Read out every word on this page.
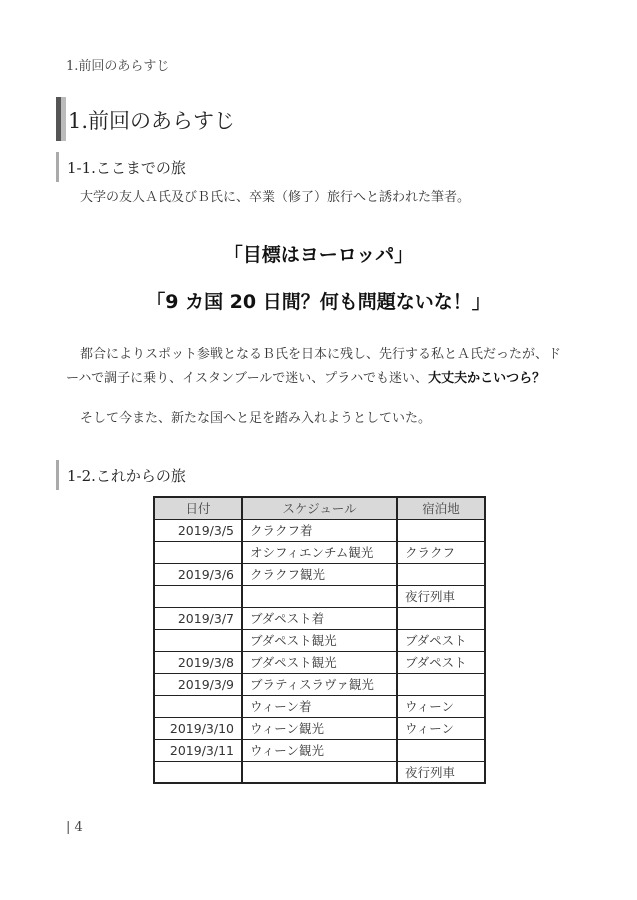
1.前回のあらすじ
1.前回のあらすじ
1-1.ここまでの旅
大学の友人Ａ氏及びＢ氏に、卒業（修了）旅行へと誘われた筆者。
「目標はヨーロッパ」
「9 カ国 20 日間？何も問題ないな！」
都合によりスポット参戦となるＢ氏を日本に残し、先行する私とＡ氏だったが、ドーハで調子に乗り、イスタンブールで迷い、プラハでも迷い、大丈夫かこいつら？
そして今また、新たな国へと足を踏み入れようとしていた。
1-2.これからの旅
日付	スケジュール	宿泊地
2019/3/5	クラクフ着	
	オシフィエンチム観光	クラクフ
2019/3/6	クラクフ観光	
		夜行列車
2019/3/7	ブダペスト着	
	ブダペスト観光	ブダペスト
2019/3/8	ブダペスト観光	ブダペスト
2019/3/9	ブラティスラヴァ観光	
	ウィーン着	ウィーン
2019/3/10	ウィーン観光	ウィーン
2019/3/11	ウィーン観光	
		夜行列車
| 4
